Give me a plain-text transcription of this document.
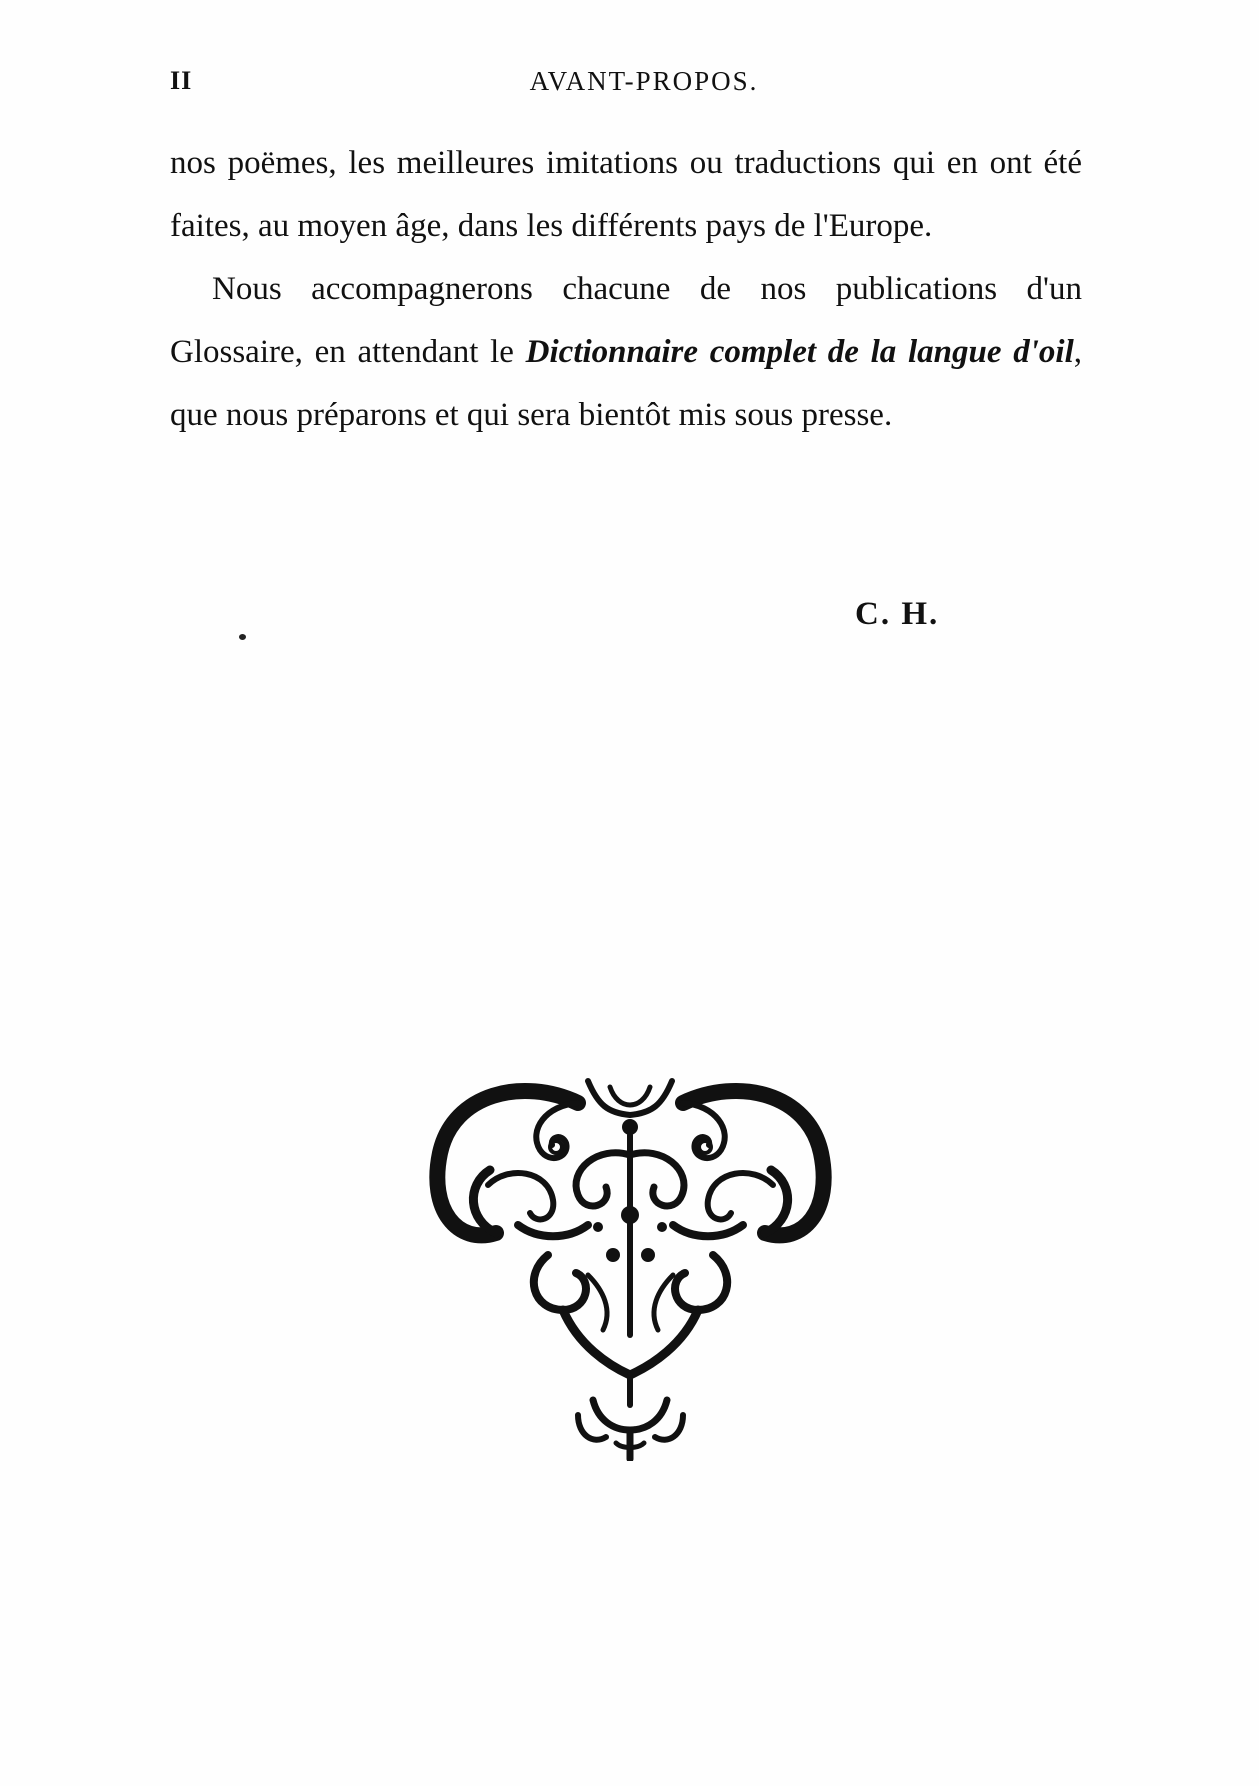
II	AVANT-PROPOS.

nos poëmes, les meilleures imitations ou traductions qui en ont été faites, au moyen âge, dans les différents pays de l'Europe.

Nous accompagnerons chacune de nos publications d'un Glossaire, en attendant le Dictionnaire complet de la langue d'oil, que nous préparons et qui sera bientôt mis sous presse.

C. H.
